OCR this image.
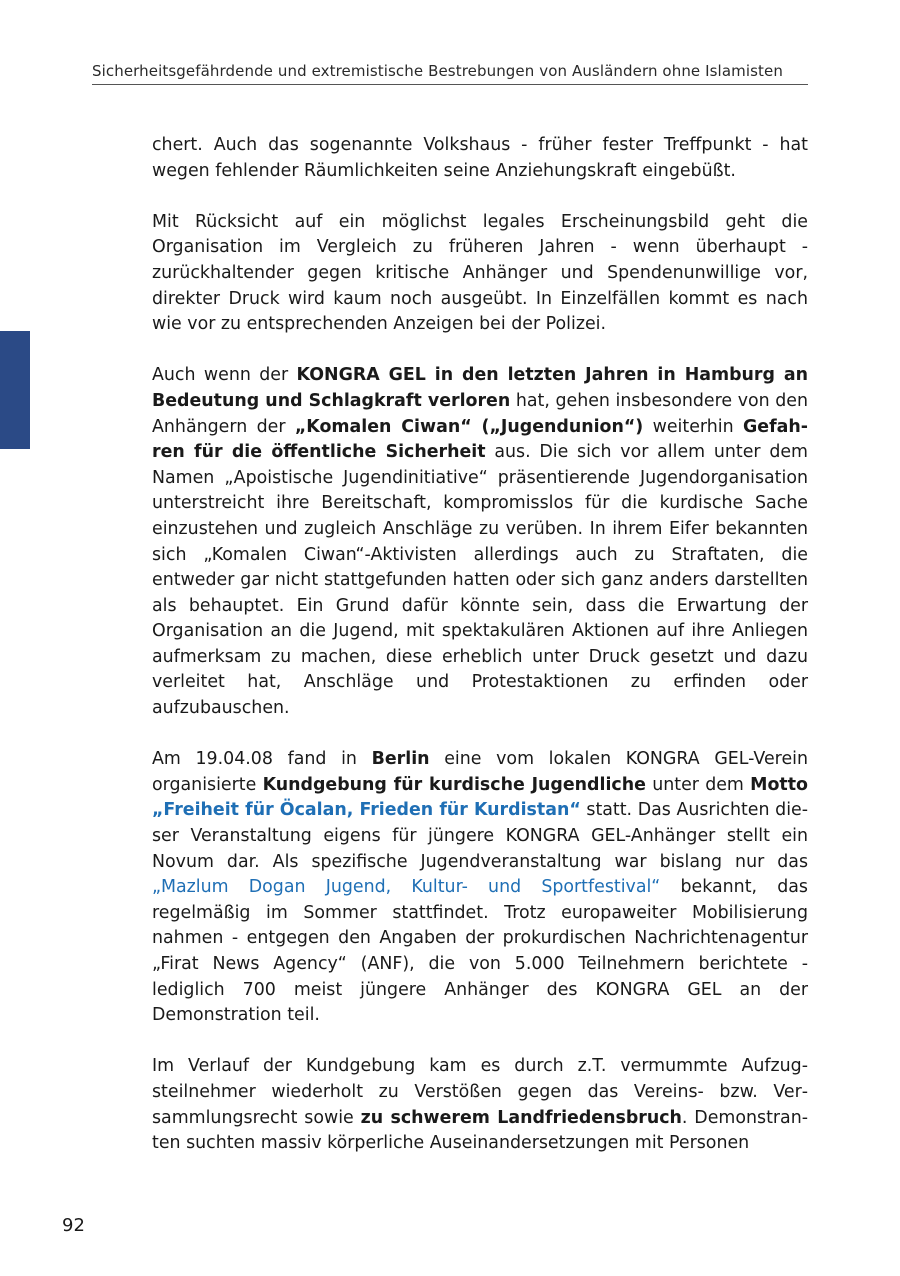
Sicherheitsgefährdende und extremistische Bestrebungen von Ausländern ohne Islamisten

chert. Auch das sogenannte Volkshaus - früher fester Treffpunkt - hat wegen fehlender Räumlichkeiten seine Anziehungskraft eingebüßt.

Mit Rücksicht auf ein möglichst legales Erscheinungsbild geht die Organisation im Vergleich zu früheren Jahren - wenn überhaupt - zurückhaltender gegen kritische Anhänger und Spendenunwillige vor, direkter Druck wird kaum noch ausgeübt. In Einzelfällen kommt es nach wie vor zu entsprechenden Anzeigen bei der Polizei.

Auch wenn der KONGRA GEL in den letzten Jahren in Hamburg an Bedeutung und Schlagkraft verloren hat, gehen insbesondere von den Anhängern der „Komalen Ciwan“ („Jugendunion“) weiterhin Gefahren für die öffentliche Sicherheit aus. Die sich vor allem unter dem Namen „Apoistische Jugendinitiative“ präsentierende Jugendorganisation unterstreicht ihre Bereitschaft, kompromisslos für die kurdische Sache einzustehen und zugleich Anschläge zu verüben. In ihrem Eifer bekannten sich „Komalen Ciwan“-Aktivisten allerdings auch zu Straftaten, die entweder gar nicht stattgefunden hatten oder sich ganz anders darstellten als behauptet. Ein Grund dafür könnte sein, dass die Erwartung der Organisation an die Jugend, mit spektakulären Aktionen auf ihre Anliegen aufmerksam zu machen, diese erheblich unter Druck gesetzt und dazu verleitet hat, Anschläge und Protestaktionen zu erfinden oder aufzubauschen.

Am 19.04.08 fand in Berlin eine vom lokalen KONGRA GEL-Verein organisierte Kundgebung für kurdische Jugendliche unter dem Motto „Freiheit für Öcalan, Frieden für Kurdistan“ statt. Das Ausrichten dieser Veranstaltung eigens für jüngere KONGRA GEL-Anhänger stellt ein Novum dar. Als spezifische Jugendveranstaltung war bislang nur das „Mazlum Dogan Jugend, Kultur- und Sportfestival“ bekannt, das regelmäßig im Sommer stattfindet. Trotz europaweiter Mobilisierung nahmen - entgegen den Angaben der prokurdischen Nachrichtenagentur „Firat News Agency“ (ANF), die von 5.000 Teilnehmern berichtete - lediglich 700 meist jüngere Anhänger des KONGRA GEL an der Demonstration teil.

Im Verlauf der Kundgebung kam es durch z.T. vermummte Aufzugsteilnehmer wiederholt zu Verstößen gegen das Vereins- bzw. Versammlungsrecht sowie zu schwerem Landfriedensbruch. Demonstranten suchten massiv körperliche Auseinandersetzungen mit Personen

92
